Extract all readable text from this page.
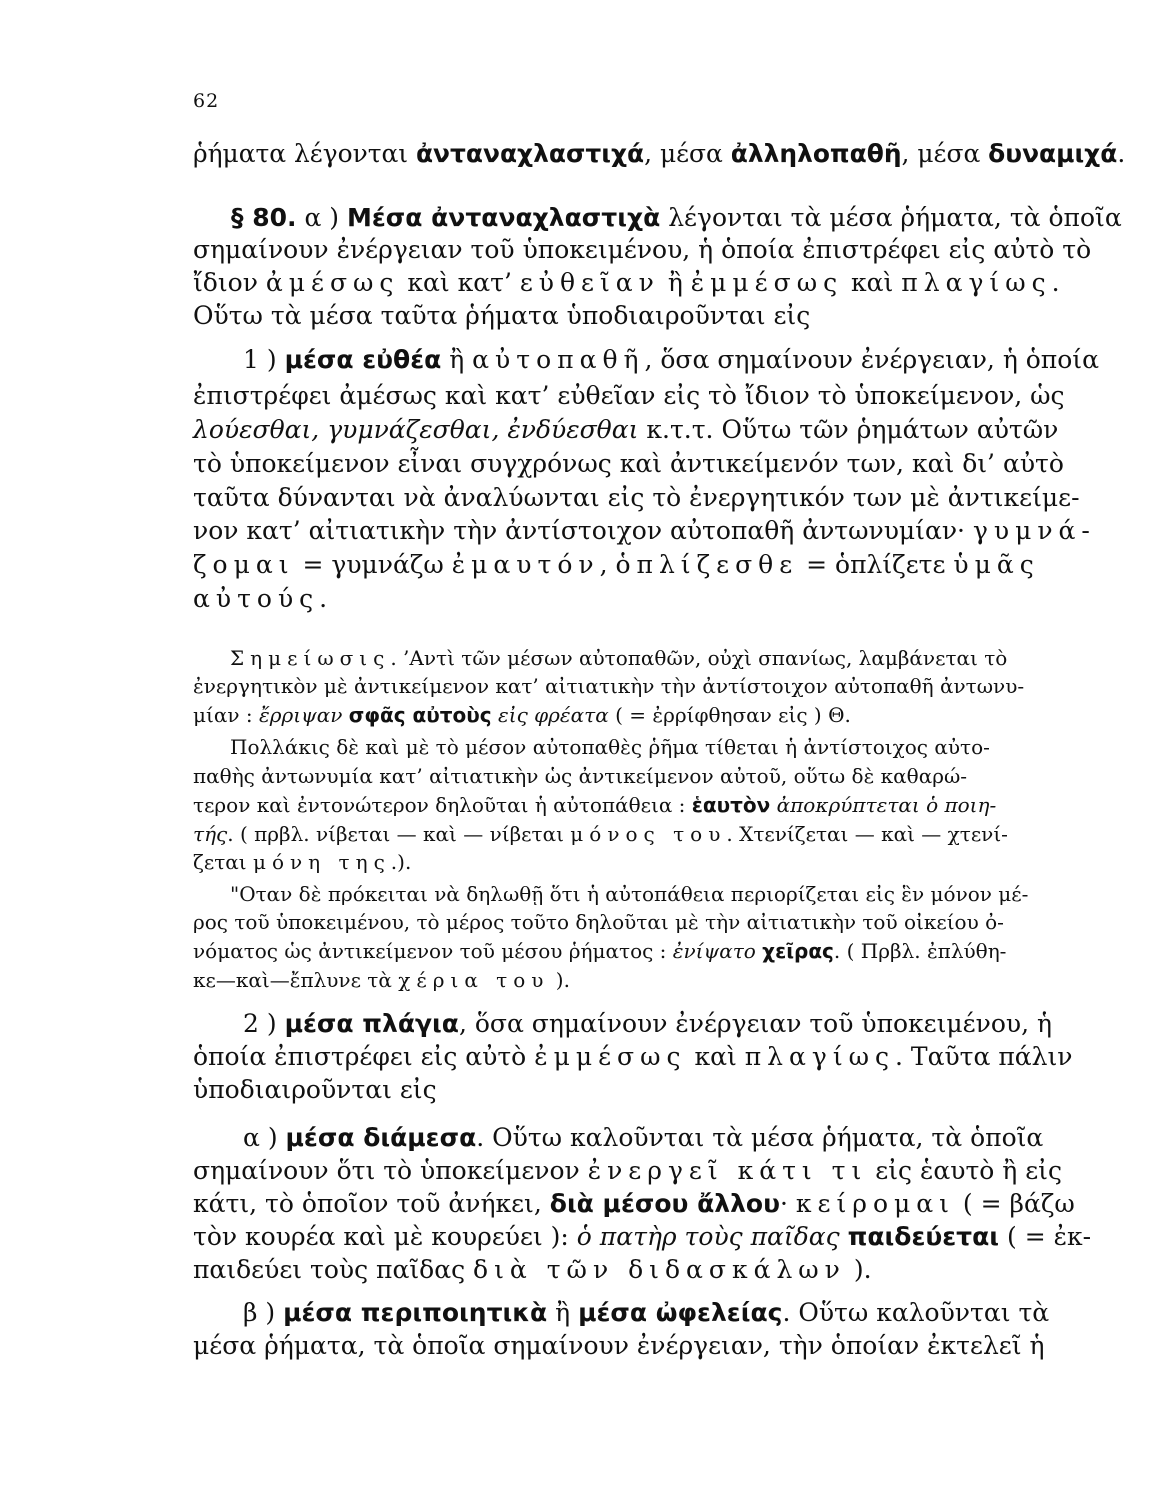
62
ῥήματα λέγονται ἀνταναχλαστιχά, μέσα ἀλληλοπαθῆ, μέσα δυναμιχά.
§ 80. α ) Μέσα ἀνταναχλαστιχὰ λέγονται τὰ μέσα ῥήματα, τὰ ὁποῖα
σημαίνουν ἐνέργειαν τοῦ ὑποκειμένου, ἡ ὁποία ἐπιστρέφει εἰς αὐτὸ τὸ
ἴδιον ἀμέσως καὶ κατ’ εὐθεῖαν ἢ ἐμμέσως καὶ πλαγίως.
Οὕτω τὰ μέσα ταῦτα ῥήματα ὑποδιαιροῦνται εἰς
1 ) μέσα εὐθέα ἢ αὐτοπαθῆ, ὅσα σημαίνουν ἐνέργειαν, ἡ ὁποία
ἐπιστρέφει ἀμέσως καὶ κατ’ εὐθεῖαν εἰς τὸ ἴδιον τὸ ὑποκείμενον, ὡς
λούεσθαι, γυμνάζεσθαι, ἐνδύεσθαι κ.τ.τ. Οὕτω τῶν ῥημάτων αὐτῶν
τὸ ὑποκείμενον εἶναι συγχρόνως καὶ ἀντικείμενόν των, καὶ δι’ αὐτὸ
ταῦτα δύνανται νὰ ἀναλύωνται εἰς τὸ ἐνεργητικόν των μὲ ἀντικείμε-
νον κατ’ αἰτιατικὴν τὴν ἀντίστοιχον αὐτοπαθῆ ἀντωνυμίαν· γυμνά-
ζομαι = γυμνάζω ἐμαυτόν, ὁπλίζεσθε = ὁπλίζετε ὑμᾶς
αὐτούς.
Σημείωσις. ’Αντὶ τῶν μέσων αὐτοπαθῶν, οὐχὶ σπανίως, λαμβάνεται τὸ
ἐνεργητικὸν μὲ ἀντικείμενον κατ’ αἰτιατικὴν τὴν ἀντίστοιχον αὐτοπαθῆ ἀντωνυ-
μίαν : ἔρριψαν σφᾶς αὐτοὺς εἰς φρέατα ( = ἐρρίφθησαν εἰς ) Θ.
Πολλάκις δὲ καὶ μὲ τὸ μέσον αὐτοπαθὲς ῥῆμα τίθεται ἡ ἀντίστοιχος αὐτο-
παθὴς ἀντωνυμία κατ’ αἰτιατικὴν ὡς ἀντικείμενον αὐτοῦ, οὕτω δὲ καθαρώ-
τερον καὶ ἐντονώτερον δηλοῦται ἡ αὐτοπάθεια : ἑαυτὸν ἀποκρύπτεται ὁ ποιη-
τής. ( πρβλ. νίβεται — καὶ — νίβεται μόνος του. Χτενίζεται — καὶ — χτενί-
ζεται μόνη της.).
"Οταν δὲ πρόκειται νὰ δηλωθῇ ὅτι ἡ αὐτοπάθεια περιορίζεται εἰς ἓν μόνον μέ-
ρος τοῦ ὑποκειμένου, τὸ μέρος τοῦτο δηλοῦται μὲ τὴν αἰτιατικὴν τοῦ οἰκείου ὀ-
νόματος ὡς ἀντικείμενον τοῦ μέσου ῥήματος : ἐνίψατο χεῖρας. ( Πρβλ. ἐπλύθη-
κε—καὶ—ἔπλυνε τὰ χέρια του ).
2 ) μέσα πλάγια, ὅσα σημαίνουν ἐνέργειαν τοῦ ὑποκειμένου, ἡ
ὁποία ἐπιστρέφει εἰς αὐτὸ ἐμμέσως καὶ πλαγίως. Ταῦτα πάλιν
ὑποδιαιροῦνται εἰς
α ) μέσα διάμεσα. Οὕτω καλοῦνται τὰ μέσα ῥήματα, τὰ ὁποῖα
σημαίνουν ὅτι τὸ ὑποκείμενον ἐνεργεῖ κάτι τι εἰς ἑαυτὸ ἢ εἰς
κάτι, τὸ ὁποῖον τοῦ ἀνήκει, διὰ μέσου ἄλλου· κείρομαι ( = βάζω
τὸν κουρέα καὶ μὲ κουρεύει ): ὁ πατὴρ τοὺς παῖδας παιδεύεται ( = ἐκ-
παιδεύει τοὺς παῖδας διὰ τῶν διδασκάλων ).
β ) μέσα περιποιητικὰ ἢ μέσα ὠφελείας. Οὕτω καλοῦνται τὰ
μέσα ῥήματα, τὰ ὁποῖα σημαίνουν ἐνέργειαν, τὴν ὁποίαν ἐκτελεῖ ἡ
